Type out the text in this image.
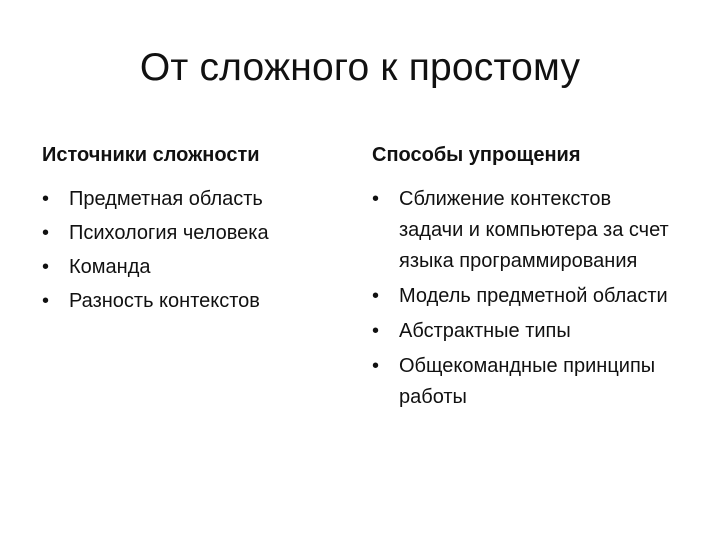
От сложного к простому
Источники сложности
• Предметная область
• Психология человека
• Команда
• Разность контекстов
Способы упрощения
• Сближение контекстов задачи и компьютера за счет языка программирования
• Модель предметной области
• Абстрактные типы
• Общекомандные принципы работы
